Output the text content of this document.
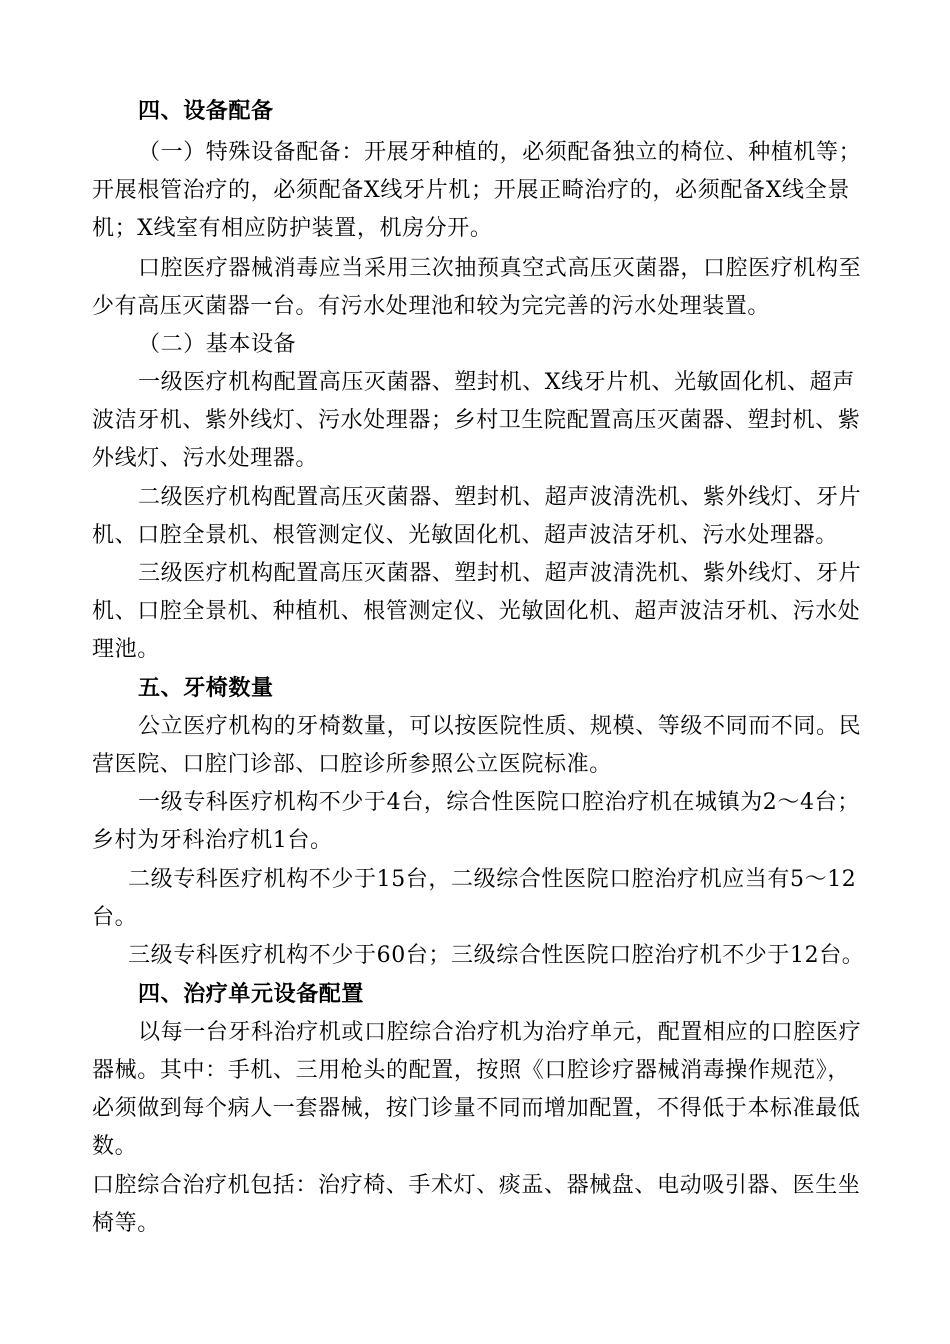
四、设备配备
（一）特殊设备配备：开展牙种植的，必须配备独立的椅位、种植机等；
开展根管治疗的，必须配备X线牙片机；开展正畸治疗的，必须配备X线全景
机；X线室有相应防护装置，机房分开。
口腔医疗器械消毒应当采用三次抽预真空式高压灭菌器，口腔医疗机构至
少有高压灭菌器一台。有污水处理池和较为完完善的污水处理装置。
（二）基本设备
一级医疗机构配置高压灭菌器、塑封机、X线牙片机、光敏固化机、超声
波洁牙机、紫外线灯、污水处理器；乡村卫生院配置高压灭菌器、塑封机、紫
外线灯、污水处理器。
二级医疗机构配置高压灭菌器、塑封机、超声波清洗机、紫外线灯、牙片
机、口腔全景机、根管测定仪、光敏固化机、超声波洁牙机、污水处理器。
三级医疗机构配置高压灭菌器、塑封机、超声波清洗机、紫外线灯、牙片
机、口腔全景机、种植机、根管测定仪、光敏固化机、超声波洁牙机、污水处
理池。
五、牙椅数量
公立医疗机构的牙椅数量，可以按医院性质、规模、等级不同而不同。民
营医院、口腔门诊部、口腔诊所参照公立医院标准。
一级专科医疗机构不少于4台，综合性医院口腔治疗机在城镇为2～4台；
乡村为牙科治疗机1台。
二级专科医疗机构不少于15台，二级综合性医院口腔治疗机应当有5～12
台。
三级专科医疗机构不少于60台；三级综合性医院口腔治疗机不少于12台。
四、治疗单元设备配置
以每一台牙科治疗机或口腔综合治疗机为治疗单元，配置相应的口腔医疗
器械。其中：手机、三用枪头的配置，按照《口腔诊疗器械消毒操作规范》，
必须做到每个病人一套器械，按门诊量不同而增加配置，不得低于本标准最低
数。
口腔综合治疗机包括：治疗椅、手术灯、痰盂、器械盘、电动吸引器、医生坐
椅等。
